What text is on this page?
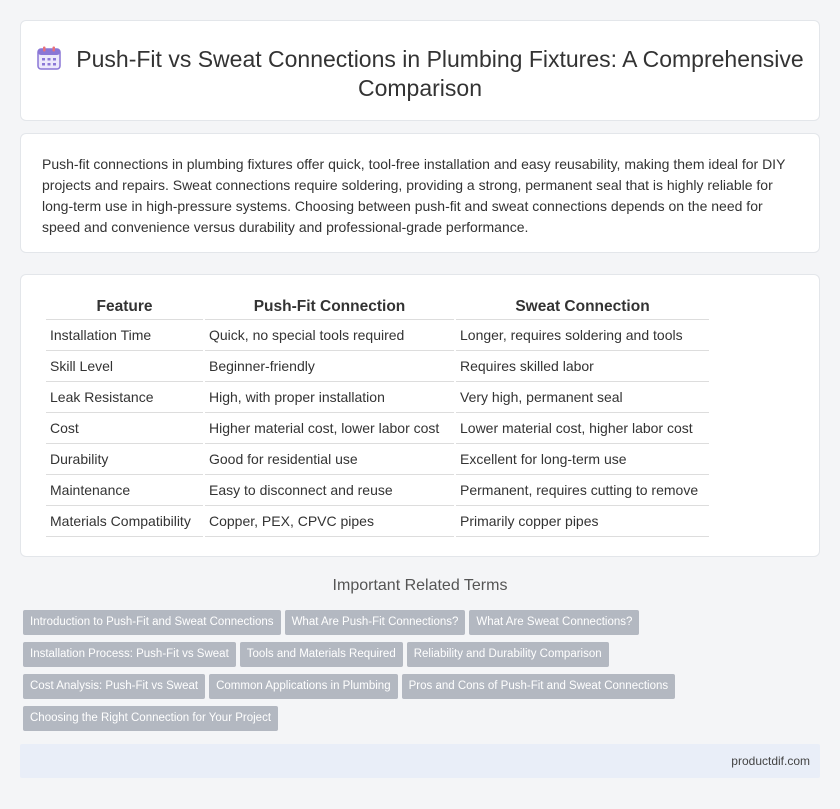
Push-Fit vs Sweat Connections in Plumbing Fixtures: A Comprehensive Comparison

Push-fit connections in plumbing fixtures offer quick, tool-free installation and easy reusability, making them ideal for DIY projects and repairs. Sweat connections require soldering, providing a strong, permanent seal that is highly reliable for long-term use in high-pressure systems. Choosing between push-fit and sweat connections depends on the need for speed and convenience versus durability and professional-grade performance.

Feature	Push-Fit Connection	Sweat Connection
Installation Time	Quick, no special tools required	Longer, requires soldering and tools
Skill Level	Beginner-friendly	Requires skilled labor
Leak Resistance	High, with proper installation	Very high, permanent seal
Cost	Higher material cost, lower labor cost	Lower material cost, higher labor cost
Durability	Good for residential use	Excellent for long-term use
Maintenance	Easy to disconnect and reuse	Permanent, requires cutting to remove
Materials Compatibility	Copper, PEX, CPVC pipes	Primarily copper pipes
Important Related Terms
Introduction to Push-Fit and Sweat Connections What Are Push-Fit Connections? What Are Sweat Connections?
Installation Process: Push-Fit vs Sweat Tools and Materials Required Reliability and Durability Comparison
Cost Analysis: Push-Fit vs Sweat Common Applications in Plumbing Pros and Cons of Push-Fit and Sweat Connections
Choosing the Right Connection for Your Project
productdif.com
